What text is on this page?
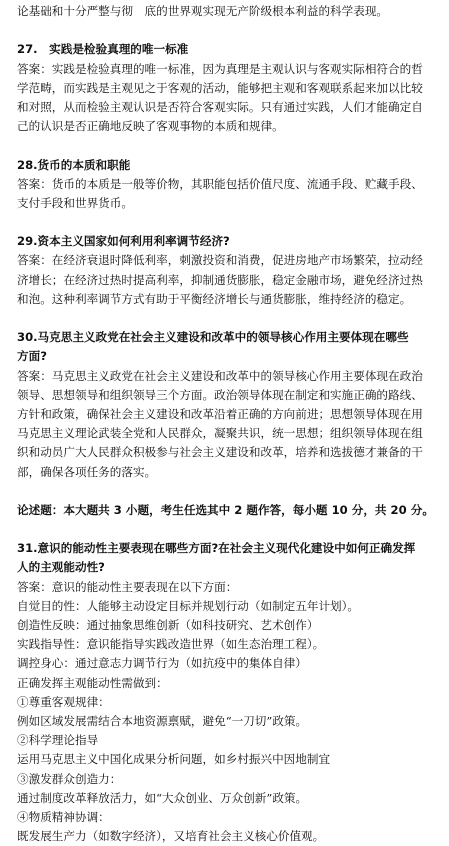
论基础和十分严整与彻　底的世界观实现无产阶级根本利益的科学表现。
27.　实践是检验真理的唯一标准
答案：实践是检验真理的唯一标准，因为真理是主观认识与客观实际相符合的哲
学范畴，而实践是主观见之于客观的活动，能够把主观和客观联系起来加以比较
和对照，从而检验主观认识是否符合客观实际。只有通过实践，人们才能确定自
己的认识是否正确地反映了客观事物的本质和规律。
28.货币的本质和职能
答案：货币的本质是一般等价物，其职能包括价值尺度、流通手段、贮藏手段、
支付手段和世界货币。
29.资本主义国家如何利用利率调节经济?
答案：在经济衰退时降低利率，刺激投资和消费，促进房地产市场繁荣，拉动经
济增长；在经济过热时提高利率，抑制通货膨胀，稳定金融市场，避免经济过热
和泡。这种利率调节方式有助于平衡经济增长与通货膨胀，维持经济的稳定。
30.马克思主义政党在社会主义建设和改革中的领导核心作用主要体现在哪些
方面?
答案：马克思主义政党在社会主义建设和改革中的领导核心作用主要体现在政治
领导、思想领导和组织领导三个方面。政治领导体现在制定和实施正确的路线、
方针和政策，确保社会主义建设和改革沿着正确的方向前进；思想领导体现在用
马克思主义理论武装全党和人民群众，凝聚共识，统一思想；组织领导体现在组
织和动员广大人民群众积极参与社会主义建设和改革，培养和选拔德才兼备的干
部，确保各项任务的落实。
论述题：本大题共 3 小题，考生任选其中 2 题作答，每小题 10 分，共 20 分。
31.意识的能动性主要表现在哪些方面?在社会主义现代化建设中如何正确发挥
人的主观能动性?
答案：意识的能动性主要表现在以下方面：
自觉目的性：人能够主动设定目标并规划行动（如制定五年计划）。
创造性反映：通过抽象思维创新（如科技研究、艺术创作）
实践指导性：意识能指导实践改造世界（如生态治理工程）。
调控身心：通过意志力调节行为（如抗疫中的集体自律）
正确发挥主观能动性需做到：
①尊重客观规律：
例如区域发展需结合本地资源禀赋，避免“一刀切”政策。
②科学理论指导
运用马克思主义中国化成果分析问题，如乡村振兴中因地制宜
③激发群众创造力：
通过制度改革释放活力，如“大众创业、万众创新”政策。
④物质精神协调：
既发展生产力（如数字经济），又培育社会主义核心价值观。
